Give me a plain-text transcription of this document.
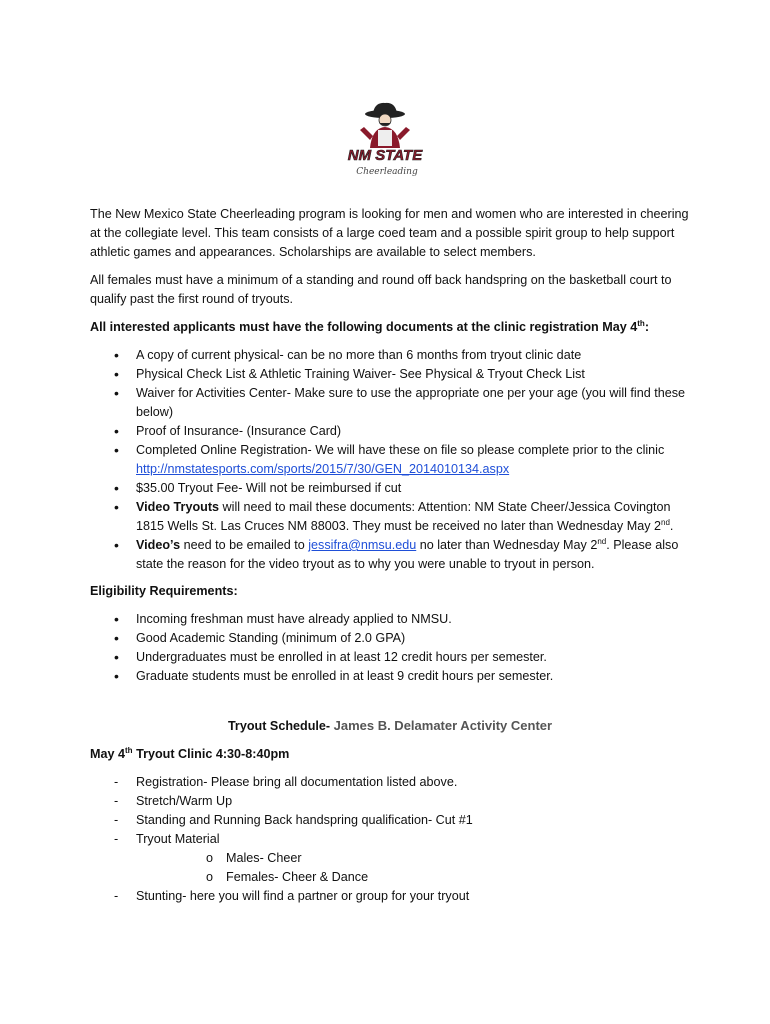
NM STATE
Cheerleading

The New Mexico State Cheerleading program is looking for men and women who are interested in cheering at the collegiate level. This team consists of a large coed team and a possible spirit group to help support athletic games and appearances. Scholarships are available to select members.

All females must have a minimum of a standing and round off back handspring on the basketball court to qualify past the first round of tryouts.

All interested applicants must have the following documents at the clinic registration May 4th:

• A copy of current physical- can be no more than 6 months from tryout clinic date
• Physical Check List & Athletic Training Waiver- See Physical & Tryout Check List
• Waiver for Activities Center- Make sure to use the appropriate one per your age (you will find these below)
• Proof of Insurance- (Insurance Card)
• Completed Online Registration- We will have these on file so please complete prior to the clinic
http://nmstatesports.com/sports/2015/7/30/GEN_2014010134.aspx
• $35.00 Tryout Fee- Will not be reimbursed if cut
• Video Tryouts will need to mail these documents: Attention: NM State Cheer/Jessica Covington 1815 Wells St. Las Cruces NM 88003. They must be received no later than Wednesday May 2nd.
• Video’s need to be emailed to jessifra@nmsu.edu no later than Wednesday May 2nd. Please also state the reason for the video tryout as to why you were unable to tryout in person.

Eligibility Requirements:

• Incoming freshman must have already applied to NMSU.
• Good Academic Standing (minimum of 2.0 GPA)
• Undergraduates must be enrolled in at least 12 credit hours per semester.
• Graduate students must be enrolled in at least 9 credit hours per semester.
Tryout Schedule- James B. Delamater Activity Center

May 4th Tryout Clinic 4:30-8:40pm

- Registration- Please bring all documentation listed above.
- Stretch/Warm Up
- Standing and Running Back handspring qualification- Cut #1
- Tryout Material
o Males- Cheer
o Females- Cheer & Dance
- Stunting- here you will find a partner or group for your tryout
